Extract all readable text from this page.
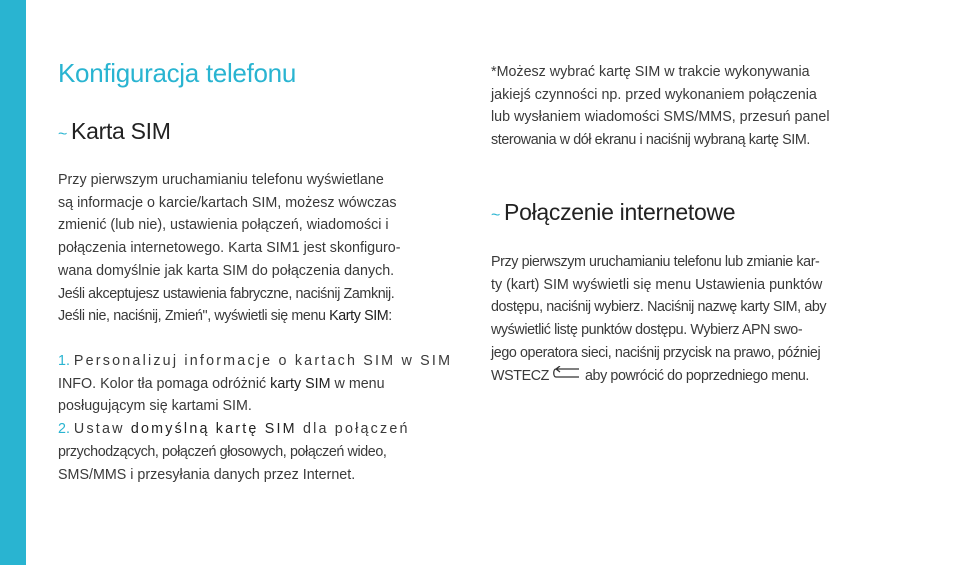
Konfiguracja telefonu
~ Karta SIM
Przy pierwszym uruchamianiu telefonu wyświetlane
są informacje o karcie/kartach SIM, możesz wówczas
zmienić (lub nie), ustawienia połączeń, wiadomości i
połączenia internetowego. Karta SIM1 jest skonfiguro-
wana domyślnie jak karta SIM do połączenia danych.
Jeśli akceptujesz ustawienia fabryczne, naciśnij Zamknij.
Jeśli nie, naciśnij, Zmień", wyświetli się menu Karty SIM:
1. Personalizuj informacje o kartach SIM w SIM
INFO. Kolor tła pomaga odróżnić karty SIM w menu
posługującym się kartami SIM.
2. Ustaw domyślną kartę SIM dla połączeń
przychodzących, połączeń głosowych, połączeń wideo,
SMS/MMS i przesyłania danych przez Internet.
*Możesz wybrać kartę SIM w trakcie wykonywania
jakiejś czynności np. przed wykonaniem połączenia
lub wysłaniem wiadomości SMS/MMS, przesuń panel
sterowania w dół ekranu i naciśnij wybraną kartę SIM.
~ Połączenie internetowe
Przy pierwszym uruchamianiu telefonu lub zmianie kar-
ty (kart) SIM wyświetli się menu Ustawienia punktów
dostępu, naciśnij wybierz. Naciśnij nazwę karty SIM, aby
wyświetlić listę punktów dostępu. Wybierz APN swo-
jego operatora sieci, naciśnij przycisk na prawo, później
WSTECZ	aby powrócić do poprzedniego menu.
